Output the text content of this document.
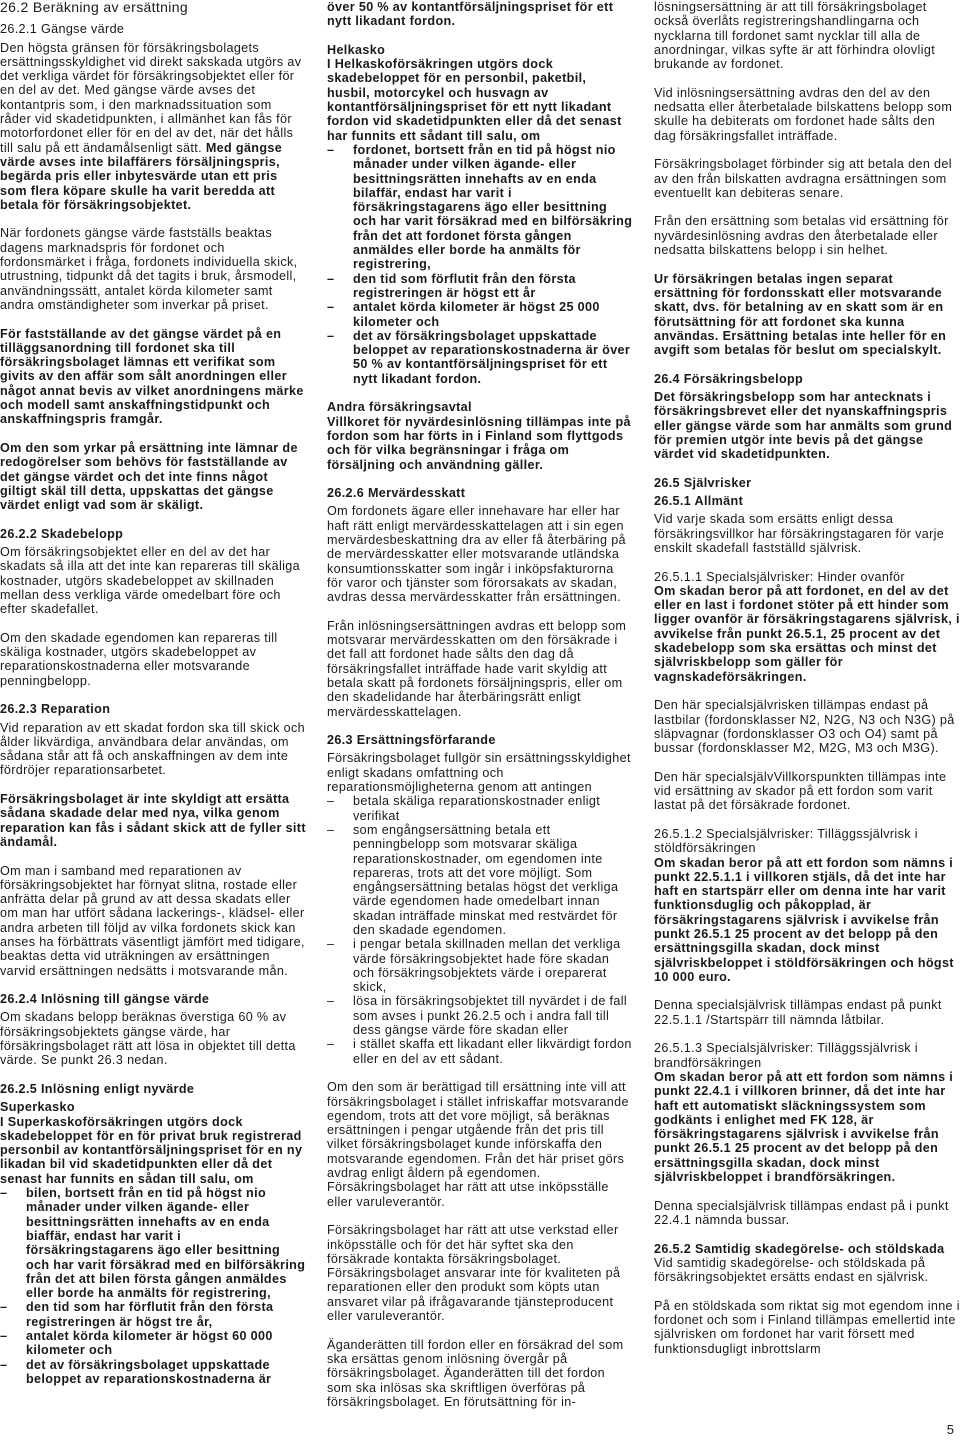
26.2 Beräkning av ersättning

26.2.1 Gängse värde

Den högsta gränsen för försäkringsbolagets ersättningsskyldighet vid direkt sakskada utgörs av det verkliga värdet för försäkringsobjektet eller för en del av det. Med gängse värde avses det kontantpris som, i den marknadssituation som råder vid skadetidpunkten, i allmänhet kan fås för motorfordonet eller för en del av det, när det hålls till salu på ett ändamålsenligt sätt. Med gängse värde avses inte bilaffärers försäljningspris, begärda pris eller inbytesvärde utan ett pris som flera köpare skulle ha varit beredda att betala för försäkringsobjektet.

När fordonets gängse värde fastställs beaktas dagens marknadspris för fordonet och fordonsmärket i fråga, fordonets individuella skick, utrustning, tidpunkt då det tagits i bruk, årsmodell, användningssätt, antalet körda kilometer samt andra omständigheter som inverkar på priset.

För fastställande av det gängse värdet på en tilläggsanordning till fordonet ska till försäkringsbolaget lämnas ett verifikat som givits av den affär som sålt anordningen eller något annat bevis av vilket anordningens märke och modell samt anskaffningstidpunkt och anskaffningspris framgår.

Om den som yrkar på ersättning inte lämnar de redogörelser som behövs för fastställande av det gängse värdet och det inte finns något giltigt skäl till detta, uppskattas det gängse värdet enligt vad som är skäligt.

26.2.2 Skadebelopp

Om försäkringsobjektet eller en del av det har skadats så illa att det inte kan repareras till skäliga kostnader, utgörs skadebeloppet av skillnaden mellan dess verkliga värde omedelbart före och efter skadefallet.

Om den skadade egendomen kan repareras till skäliga kostnader, utgörs skadebeloppet av reparationskostnaderna eller motsvarande penningbelopp.

26.2.3 Reparation

Vid reparation av ett skadat fordon ska till skick och ålder likvärdiga, användbara delar användas, om sådana står att få och anskaffningen av dem inte fördröjer reparationsarbetet.

Försäkringsbolaget är inte skyldigt att ersätta sådana skadade delar med nya, vilka genom reparation kan fås i sådant skick att de fyller sitt ändamål.

Om man i samband med reparationen av försäkringsobjektet har förnyat slitna, rostade eller anfrätta delar på grund av att dessa skadats eller om man har utfört sådana lackerings-, klädsel- eller andra arbeten till följd av vilka fordonets skick kan anses ha förbättrats väsentligt jämfört med tidigare, beaktas detta vid uträkningen av ersättningen varvid ersättningen nedsätts i motsvarande mån.

26.2.4 Inlösning till gängse värde

Om skadans belopp beräknas överstiga 60 % av försäkringsobjektets gängse värde, har försäkringsbolaget rätt att lösa in objektet till detta värde. Se punkt 26.3 nedan.

26.2.5 Inlösning enligt nyvärde

Superkasko

I Superkaskoförsäkringen utgörs dock skadebeloppet för en för privat bruk registrerad personbil av kontantförsäljningspriset för en ny likadan bil vid skadetidpunkten eller då det senast har funnits en sådan till salu, om

– bilen, bortsett från en tid på högst nio månader under vilken ägande- eller besittningsrätten innehafts av en enda biaffär, endast har varit i försäkringstagarens ägo eller besittning och har varit försäkrad med en bilförsäkring från det att bilen första gången anmäldes eller borde ha anmälts för registrering,
– den tid som har förflutit från den första registreringen är högst tre år,
– antalet körda kilometer är högst 60 000 kilometer och
– det av försäkringsbolaget uppskattade beloppet av reparationskostnaderna är

över 50 % av kontantförsäljningspriset för ett nytt likadant fordon.

Helkasko

I Helkaskoförsäkringen utgörs dock skadebeloppet för en personbil, paketbil, husbil, motorcykel och husvagn av kontantförsäljningspriset för ett nytt likadant fordon vid skadetidpunkten eller då det senast har funnits ett sådant till salu, om

– fordonet, bortsett från en tid på högst nio månader under vilken ägande- eller besittningsrätten innehafts av en enda bilaffär, endast har varit i försäkringstagarens ägo eller besittning och har varit försäkrad med en bilförsäkring från det att fordonet första gången anmäldes eller borde ha anmälts för registrering,
– den tid som förflutit från den första registreringen är högst ett år
– antalet körda kilometer är högst 25 000 kilometer och
– det av försäkringsbolaget uppskattade beloppet av reparationskostnaderna är över 50 % av kontantförsäljningspriset för ett nytt likadant fordon.

Andra försäkringsavtal

Villkoret för nyvärdesinlösning tillämpas inte på fordon som har förts in i Finland som flyttgods och för vilka begränsningar i fråga om försäljning och användning gäller.

26.2.6 Mervärdesskatt

Om fordonets ägare eller innehavare har eller har haft rätt enligt mervärdesskattelagen att i sin egen mervärdesbeskattning dra av eller få återbäring på de mervärdesskatter eller motsvarande utländska konsumtionsskatter som ingår i inköpsfakturorna för varor och tjänster som förorsakats av skadan, avdras dessa mervärdesskatter från ersättningen.

Från inlösningsersättningen avdras ett belopp som motsvarar mervärdesskatten om den försäkrade i det fall att fordonet hade sålts den dag då försäkringsfallet inträffade hade varit skyldig att betala skatt på fordonets försäljningspris, eller om den skadelidande har återbäringsrätt enligt mervärdesskattelagen.

26.3 Ersättningsförfarande

Försäkringsbolaget fullgör sin ersättningsskyldighet enligt skadans omfattning och reparationsmöjligheterna genom att antingen

– betala skäliga reparationskostnader enligt verifikat
– som engångsersättning betala ett penningbelopp som motsvarar skäliga reparationskostnader, om egendomen inte repareras, trots att det vore möjligt. Som engångsersättning betalas högst det verkliga värde egendomen hade omedelbart innan skadan inträffade minskat med restvärdet för den skadade egendomen.
– i pengar betala skillnaden mellan det verkliga värde försäkringsobjektet hade före skadan och försäkringsobjektets värde i oreparerat skick,
– lösa in försäkringsobjektet till nyvärdet i de fall som avses i punkt 26.2.5 och i andra fall till dess gängse värde före skadan eller
– i stället skaffa ett likadant eller likvärdigt fordon eller en del av ett sådant.

Om den som är berättigad till ersättning inte vill att försäkringsbolaget i stället infriskaffar motsvarande egendom, trots att det vore möjligt, så beräknas ersättningen i pengar utgående från det pris till vilket försäkringsbolaget kunde införskaffa den motsvarande egendomen. Från det här priset görs avdrag enligt åldern på egendomen. Försäkringsbolaget har rätt att utse inköpsställe eller varuleverantör.

Försäkringsbolaget har rätt att utse verkstad eller inköpsställe och för det här syftet ska den försäkrade kontakta försäkringsbolaget. Försäkringsbolaget ansvarar inte för kvaliteten på reparationen eller den produkt som köpts utan ansvaret vilar på ifrågavarande tjänsteproducent eller varuleverantör.

Äganderätten till fordon eller en försäkrad del som ska ersättas genom inlösning övergår på försäkringsbolaget. Äganderätten till det fordon som ska inlösas ska skriftligen överföras på försäkringsbolaget. En förutsättning för in-

lösningsersättning är att till försäkringsbolaget också överlåts registreringshandlingarna och nycklarna till fordonet samt nycklar till alla de anordningar, vilkas syfte är att förhindra olovligt brukande av fordonet.

Vid inlösningsersättning avdras den del av den nedsatta eller återbetalade bilskattens belopp som skulle ha debiterats om fordonet hade sålts den dag försäkringsfallet inträffade.

Försäkringsbolaget förbinder sig att betala den del av den från bilskatten avdragna ersättningen som eventuellt kan debiteras senare.

Från den ersättning som betalas vid ersättning för nyvärdesinlösning avdras den återbetalade eller nedsatta bilskattens belopp i sin helhet.

Ur försäkringen betalas ingen separat ersättning för fordonsskatt eller motsvarande skatt, dvs. för betalning av en skatt som är en förutsättning för att fordonet ska kunna användas. Ersättning betalas inte heller för en avgift som betalas för beslut om specialskylt.

26.4 Försäkringsbelopp

Det försäkringsbelopp som har antecknats i försäkringsbrevet eller det nyanskaffningspris eller gängse värde som har anmälts som grund för premien utgör inte bevis på det gängse värdet vid skadetidpunkten.

26.5 Självrisker

26.5.1 Allmänt

Vid varje skada som ersätts enligt dessa försäkringsvillkor har försäkringstagaren för varje enskilt skadefall fastställd självrisk.

26.5.1.1 Specialsjälvrisker: Hinder ovanför

Om skadan beror på att fordonet, en del av det eller en last i fordonet stöter på ett hinder som ligger ovanför är försäkringstagarens självrisk, i avvikelse från punkt 26.5.1, 25 procent av det skadebelopp som ska ersättas och minst det självriskbelopp som gäller för vagnskadeförsäkringen.

Den här specialsjälvrisken tillämpas endast på lastbilar (fordonsklasser N2, N2G, N3 och N3G) på släpvagnar (fordonsklasser O3 och O4) samt på bussar (fordonsklasser M2, M2G, M3 och M3G).

Den här specialsjälvVillkorspunkten tillämpas inte vid ersättning av skador på ett fordon som varit lastat på det försäkrade fordonet.

26.5.1.2 Specialsjälvrisker: Tilläggssjälvrisk i stöldförsäkringen

Om skadan beror på att ett fordon som nämns i punkt 22.5.1.1 i villkoren stjäls, då det inte har haft en startspärr eller om denna inte har varit funktionsduglig och påkopplad, är försäkringstagarens självrisk i avvikelse från punkt 26.5.1 25 procent av det belopp på den ersättningsgilla skadan, dock minst självriskbeloppet i stöldförsäkringen och högst 10 000 euro.

Denna specialsjälvrisk tillämpas endast på punkt 22.5.1.1 /Startspärr till nämnda låtbilar.

26.5.1.3 Specialsjälvrisker: Tilläggssjälvrisk i brandförsäkringen

Om skadan beror på att ett fordon som nämns i punkt 22.4.1 i villkoren brinner, då det inte har haft ett automatiskt släckningssystem som godkänts i enlighet med FK 128, är försäkringstagarens självrisk i avvikelse från punkt 26.5.1 25 procent av det belopp på den ersättningsgilla skadan, dock minst självriskbeloppet i brandförsäkringen.

Denna specialsjälvrisk tillämpas endast på i punkt 22.4.1 nämnda bussar.

26.5.2 Samtidig skadegörelse- och stöldskada

Vid samtidig skadegörelse- och stöldskada på försäkringsobjektet ersätts endast en självrisk.

På en stöldskada som riktat sig mot egendom inne i fordonet och som i Finland tillämpas emellertid inte självrisken om fordonet har varit försett med funktionsdugligt inbrottslarm

5
